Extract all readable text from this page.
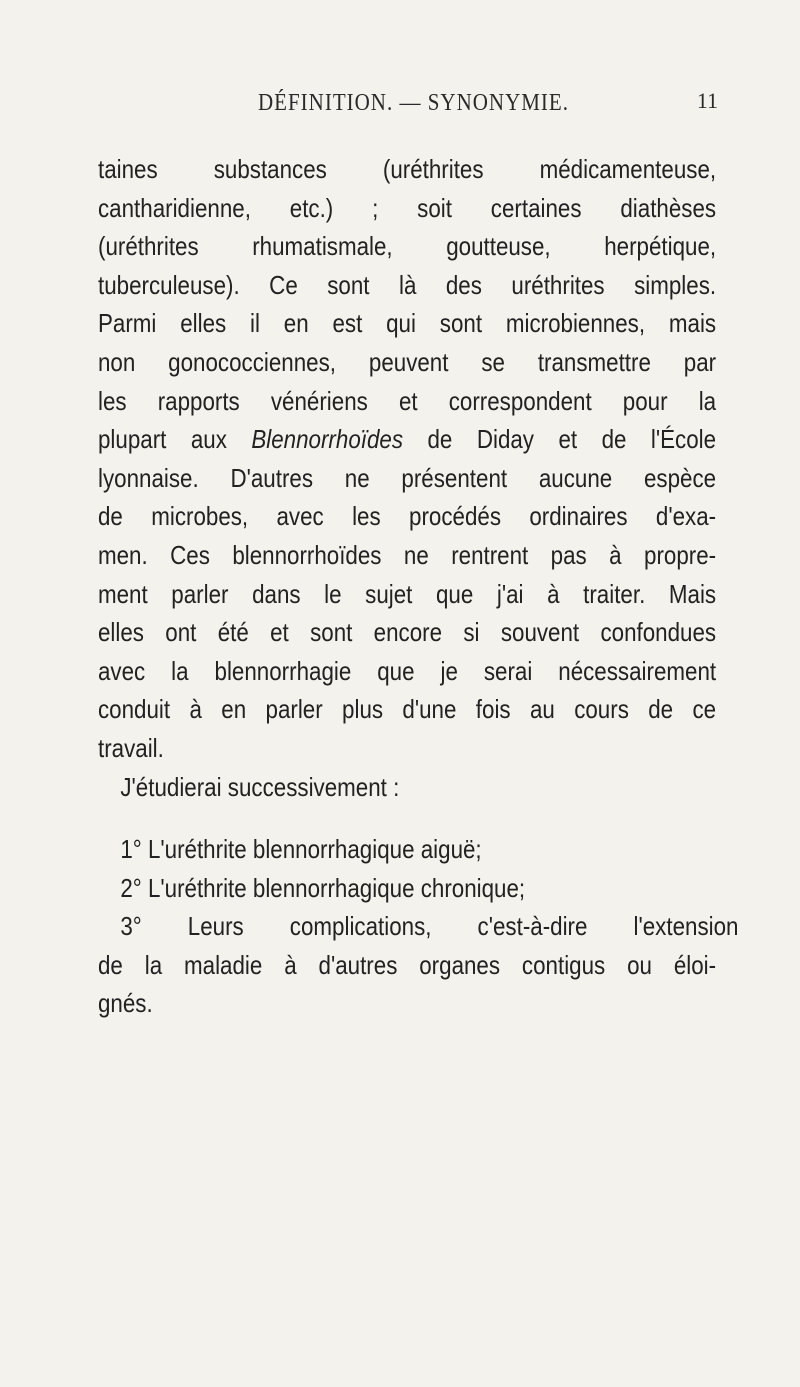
DÉFINITION. — SYNONYMIE.	11
taines substances (uréthrites médicamenteuse,
cantharidienne, etc.) ; soit certaines diathèses
(uréthrites rhumatismale, goutteuse, herpétique,
tuberculeuse). Ce sont là des uréthrites simples.
Parmi elles il en est qui sont microbiennes, mais
non gonococciennes, peuvent se transmettre par
les rapports vénériens et correspondent pour la
plupart aux Blennorrhoïdes de Diday et de l'École
lyonnaise. D'autres ne présentent aucune espèce
de microbes, avec les procédés ordinaires d'exa-
men. Ces blennorrhoïdes ne rentrent pas à propre-
ment parler dans le sujet que j'ai à traiter. Mais
elles ont été et sont encore si souvent confondues
avec la blennorrhagie que je serai nécessairement
conduit à en parler plus d'une fois au cours de ce
travail.
J'étudierai successivement :
1° L'uréthrite blennorrhagique aiguë;
2° L'uréthrite blennorrhagique chronique;
3° Leurs complications, c'est-à-dire l'extension
de la maladie à d'autres organes contigus ou éloi-
gnés.
